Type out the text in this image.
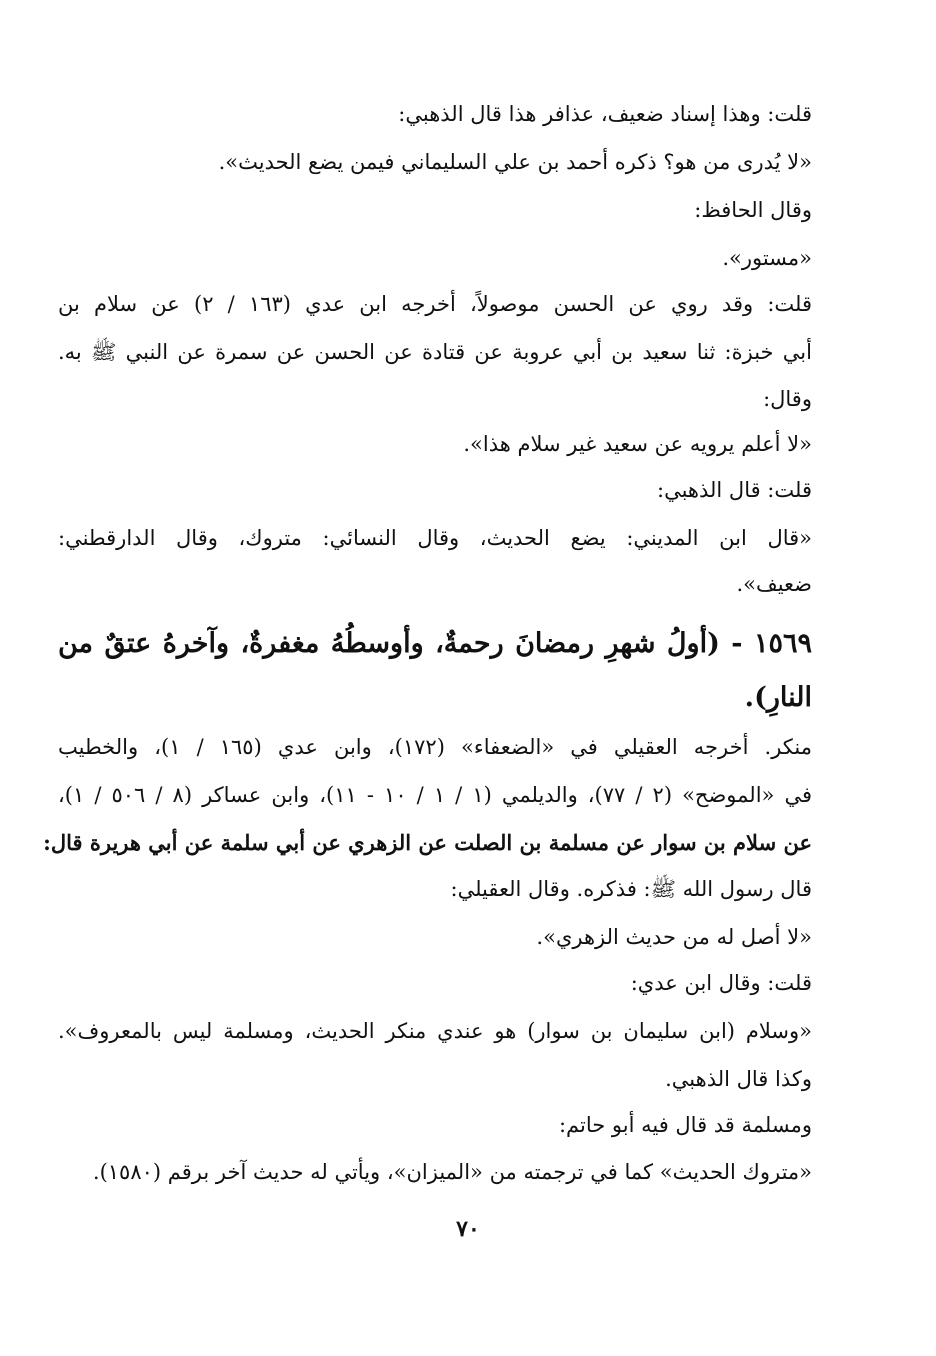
قلت: وهذا إسناد ضعيف، عذافر هذا قال الذهبي:
«لا يُدرى من هو؟ ذكره أحمد بن علي السليماني فيمن يضع الحديث».
وقال الحافظ:
«مستور».
قلت: وقد روي عن الحسن موصولاً، أخرجه ابن عدي (١٦٣ / ٢) عن سلام بن
أبي خبزة: ثنا سعيد بن أبي عروبة عن قتادة عن الحسن عن سمرة عن النبي ﷺ به.
وقال:
«لا أعلم يرويه عن سعيد غير سلام هذا».
قلت: قال الذهبي:
«قال ابن المديني: يضع الحديث، وقال النسائي: متروك، وقال الدارقطني:
ضعيف».
١٥٦٩ - (أولُ شهرِ رمضانَ رحمةٌ، وأوسطُهُ مغفرةٌ، وآخرهُ عتقٌ من
النارِ).
منكر. أخرجه العقيلي في «الضعفاء» (١٧٢)، وابن عدي (١٦٥ / ١)، والخطيب
في «الموضح» (٢ / ٧٧)، والديلمي (١ / ١ / ١٠ - ١١)، وابن عساكر (٨ / ٥٠٦ / ١)،
عن سلام بن سوار عن مسلمة بن الصلت عن الزهري عن أبي سلمة عن أبي هريرة قال:
قال رسول الله ﷺ: فذكره. وقال العقيلي:
«لا أصل له من حديث الزهري».
قلت: وقال ابن عدي:
«وسلام (ابن سليمان بن سوار) هو عندي منكر الحديث، ومسلمة ليس بالمعروف».
وكذا قال الذهبي.
ومسلمة قد قال فيه أبو حاتم:
«متروك الحديث» كما في ترجمته من «الميزان»، ويأتي له حديث آخر برقم (١٥٨٠).
٧٠
